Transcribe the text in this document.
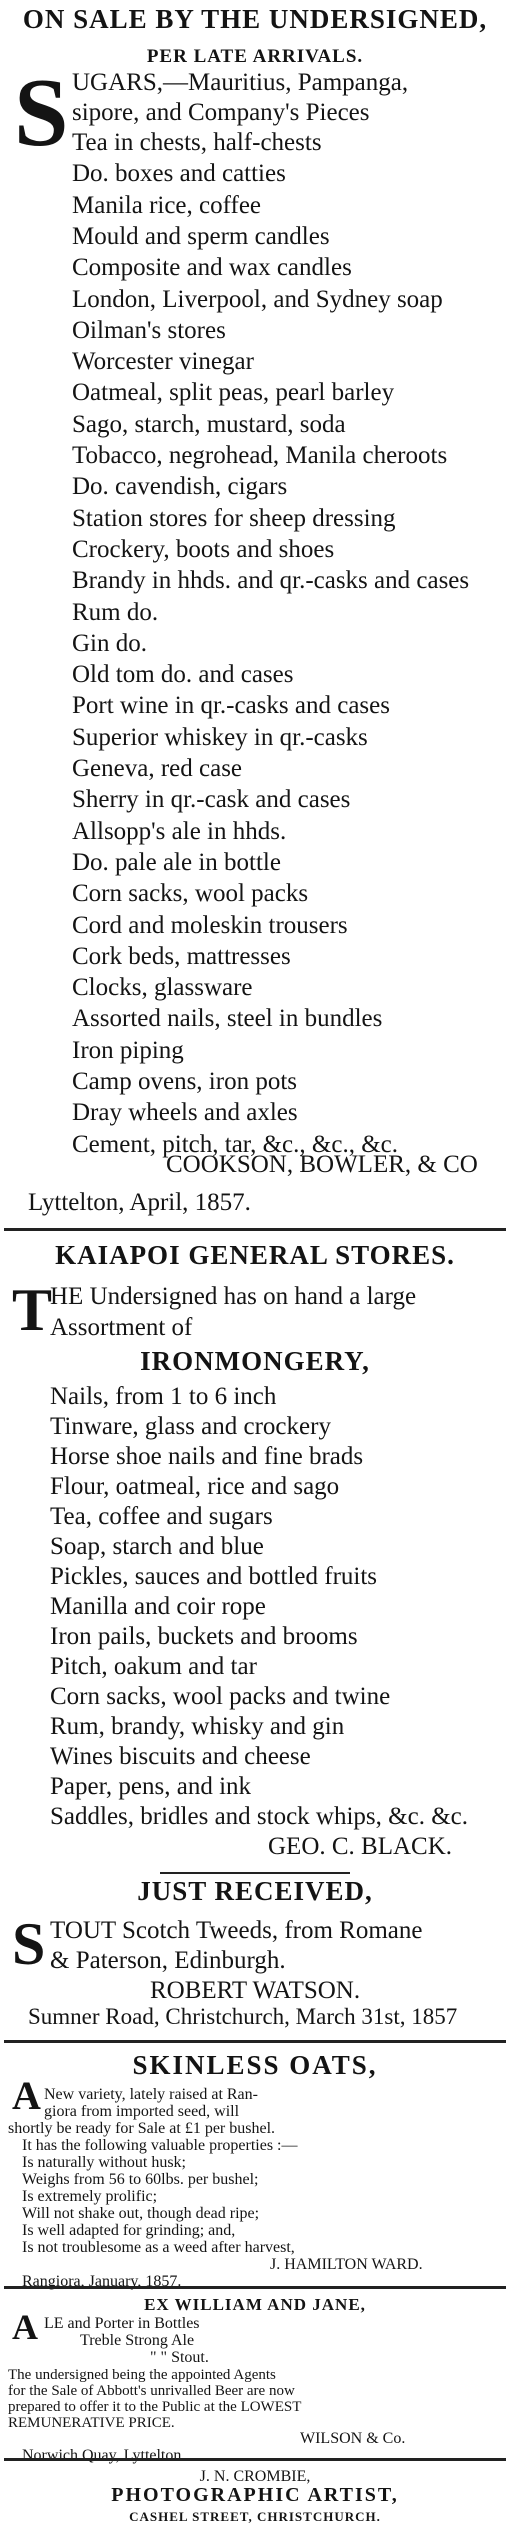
ON SALE BY THE UNDERSIGNED,
PER LATE ARRIVALS.
S UGARS,—Mauritius, Pampanga,
sipore, and Company's Pieces
Tea in chests, half-chests
Do. boxes and catties
Manila rice, coffee
Mould and sperm candles
Composite and wax candles
London, Liverpool, and Sydney soap
Oilman's stores
Worcester vinegar
Oatmeal, split peas, pearl barley
Sago, starch, mustard, soda
Tobacco, negrohead, Manila cheroots
Do. cavendish, cigars
Station stores for sheep dressing
Crockery, boots and shoes
Brandy in hhds. and qr.-casks and cases
Rum do.
Gin do.
Old tom do. and cases
Port wine in qr.-casks and cases
Superior whiskey in qr.-casks
Geneva, red case
Sherry in qr.-cask and cases
Allsopp's ale in hhds.
Do. pale ale in bottle
Corn sacks, wool packs
Cord and moleskin trousers
Cork beds, mattresses
Clocks, glassware
Assorted nails, steel in bundles
Iron piping
Camp ovens, iron pots
Dray wheels and axles
Cement, pitch, tar, &c., &c., &c.
COOKSON, BOWLER, & CO
Lyttelton, April, 1857.
KAIAPOI GENERAL STORES.
T
HE Undersigned has on hand a large
Assortment of
IRONMONGERY,
Nails, from 1 to 6 inch
Tinware, glass and crockery
Horse shoe nails and fine brads
Flour, oatmeal, rice and sago
Tea, coffee and sugars
Soap, starch and blue
Pickles, sauces and bottled fruits
Manilla and coir rope
Iron pails, buckets and brooms
Pitch, oakum and tar
Corn sacks, wool packs and twine
Rum, brandy, whisky and gin
Wines biscuits and cheese
Paper, pens, and ink
Saddles, bridles and stock whips, &c. &c.
GEO. C. BLACK.
JUST RECEIVED,
S TOUT Scotch Tweeds, from Romane
& Paterson, Edinburgh.
ROBERT WATSON.
Sumner Road, Christchurch, March 31st, 1857
SKINLESS OATS,
A New variety, lately raised at Ran-
giora from imported seed, will
shortly be ready for Sale at £1 per bushel.
It has the following valuable properties :—
Is naturally without husk;
Weighs from 56 to 60lbs. per bushel;
Is extremely prolific;
Will not shake out, though dead ripe;
Is well adapted for grinding; and,
Is not troublesome as a weed after harvest,
J. HAMILTON WARD.
Rangiora, January, 1857.
EX WILLIAM AND JANE,
A LE and Porter in Bottles
Treble Strong Ale
" " Stout.
The undersigned being the appointed Agents
for the Sale of Abbott's unrivalled Beer are now
prepared to offer it to the Public at the LOWEST
REMUNERATIVE PRICE.
WILSON & Co.
Norwich Quay, Lyttelton.
J. N. CROMBIE,
PHOTOGRAPHIC ARTIST,
CASHEL STREET, CHRISTCHURCH.
